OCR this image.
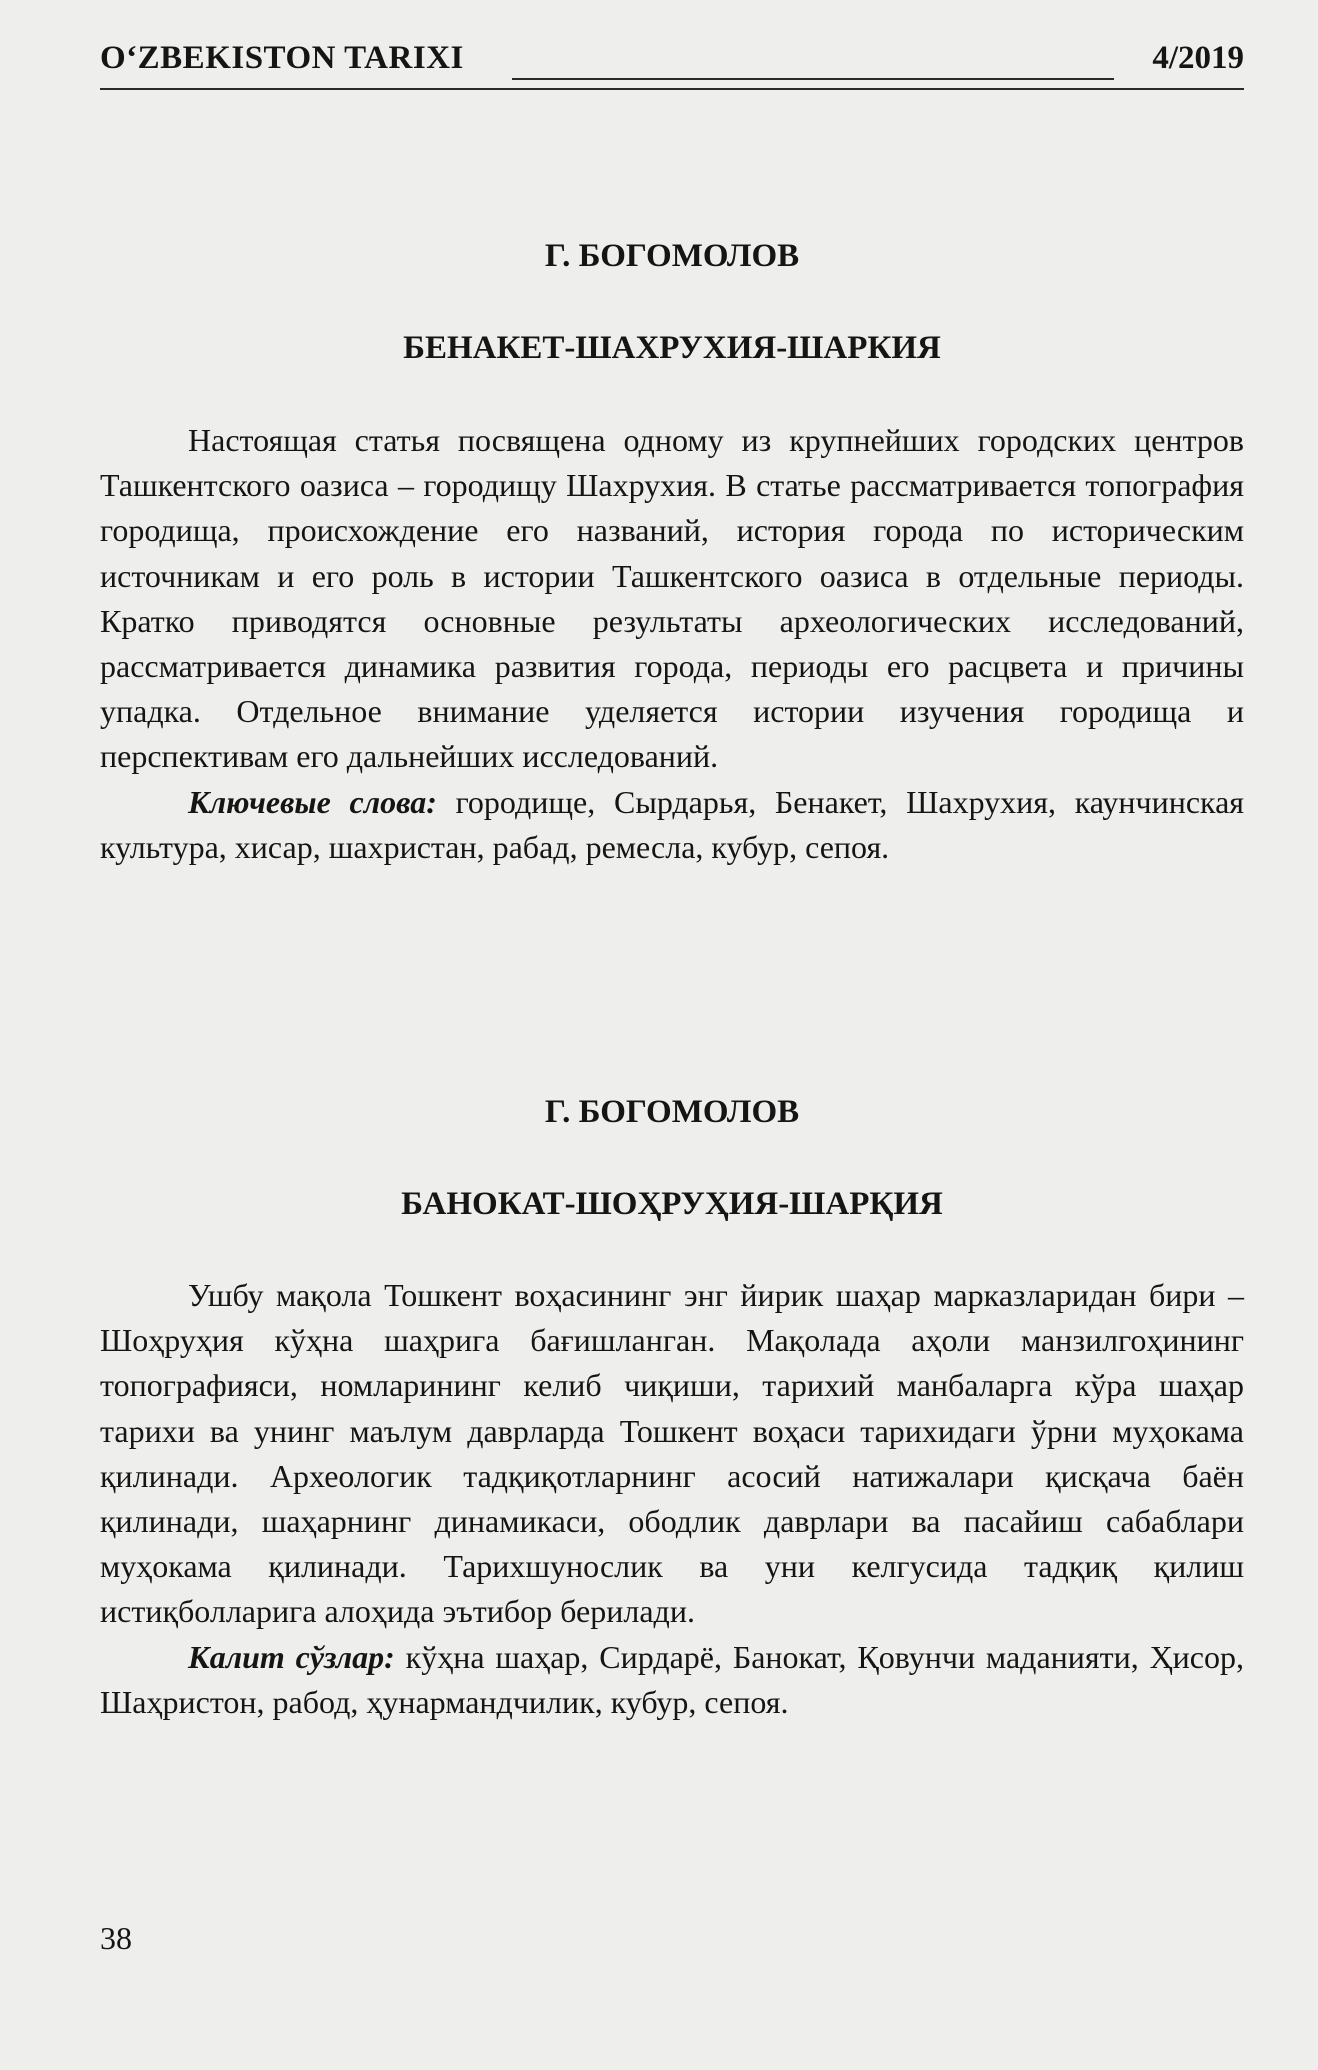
O‘ZBEKISTON TARIXI	4/2019
Г. БОГОМОЛОВ
БЕНАКЕТ-ШАХРУХИЯ-ШАРКИЯ

Настоящая статья посвящена одному из крупнейших городских центров Ташкентского оазиса – городищу Шахрухия. В статье рассматривается топография городища, происхождение его названий, история города по историческим источникам и его роль в истории Ташкентского оазиса в отдельные периоды. Кратко приводятся основные результаты археологических исследований, рассматривается динамика развития города, периоды его расцвета и причины упадка. Отдельное внимание уделяется истории изучения городища и перспективам его дальнейших исследований.
Ключевые слова: городище, Сырдарья, Бенакет, Шахрухия, каунчинская культура, хисар, шахристан, рабад, ремесла, кубур, сепоя.

Г. БОГОМОЛОВ
БАНОКАТ-ШОҲРУҲИЯ-ШАРҚИЯ

Ушбу мақола Тошкент воҳасининг энг йирик шаҳар марказларидан бири – Шоҳруҳия кўҳна шаҳрига бағишланган. Мақолада аҳоли манзилгоҳининг топографияси, номларининг келиб чиқиши, тарихий манбаларга кўра шаҳар тарихи ва унинг маълум даврларда Тошкент воҳаси тарихидаги ўрни муҳокама қилинади. Археологик тадқиқотларнинг асосий натижалари қисқача баён қилинади, шаҳарнинг динамикаси, ободлик даврлари ва пасайиш сабаблари муҳокама қилинади. Тарихшунослик ва уни келгусида тадқиқ қилиш истиқболларига алоҳида эътибор берилади.
Калит сўзлар: кўҳна шаҳар, Сирдарё, Банокат, Қовунчи маданияти, Ҳисор, Шаҳристон, рабод, ҳунармандчилик, кубур, сепоя.

38
